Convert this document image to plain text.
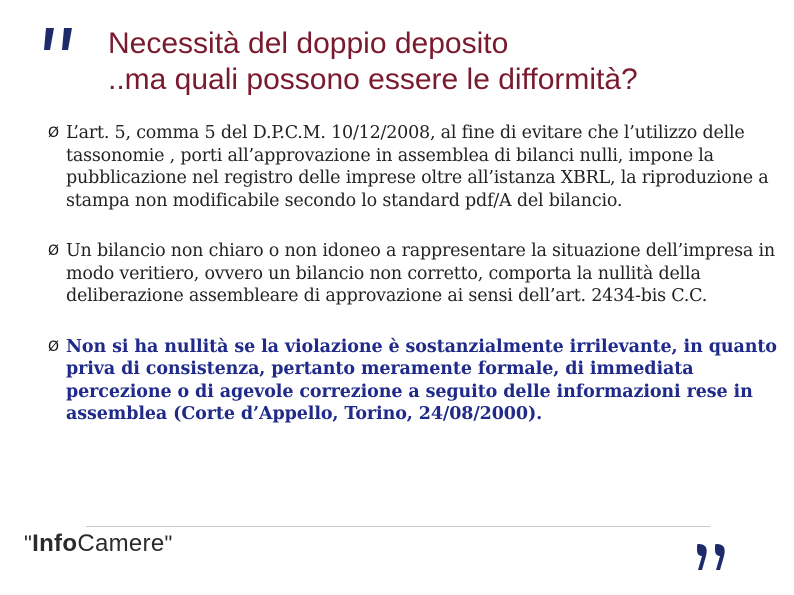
Necessità del doppio deposito
..ma quali possono essere le difformità?
Ø L’art. 5, comma 5 del D.P.C.M. 10/12/2008, al fine di evitare che l’utilizzo delle tassonomie , porti all’approvazione in assemblea di bilanci nulli, impone la pubblicazione nel registro delle imprese oltre all’istanza XBRL, la riproduzione a stampa non modificabile secondo lo standard pdf/A del bilancio.
Ø Un bilancio non chiaro o non idoneo a rappresentare la situazione dell’impresa in modo veritiero, ovvero un bilancio non corretto, comporta la nullità della deliberazione assembleare di approvazione ai sensi dell’art. 2434-bis C.C.
Ø Non si ha nullità se la violazione è sostanzialmente irrilevante, in quanto priva di consistenza, pertanto meramente formale, di immediata percezione o di agevole correzione a seguito delle informazioni rese in assemblea (Corte d’Appello, Torino, 24/08/2000).
"InfoCamere"
